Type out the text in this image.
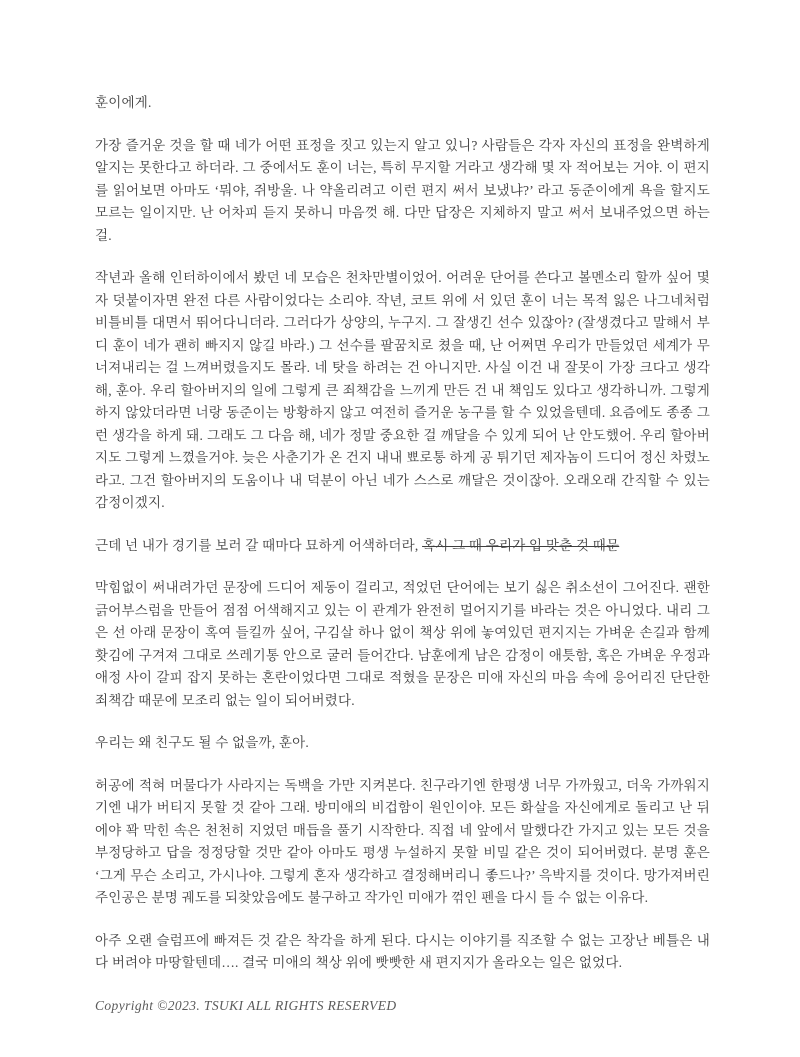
훈이에게.

가장 즐거운 것을 할 때 네가 어떤 표정을 짓고 있는지 알고 있니? 사람들은 각자 자신의 표정을 완벽하게 알지는 못한다고 하더라. 그 중에서도 훈이 너는, 특히 무지할 거라고 생각해 몇 자 적어보는 거야. 이 편지를 읽어보면 아마도 ‘뭐야, 쥐방울. 나 약올리려고 이런 편지 써서 보냈냐?’ 라고 동준이에게 욕을 할지도 모르는 일이지만. 난 어차피 듣지 못하니 마음껏 해. 다만 답장은 지체하지 말고 써서 보내주었으면 하는걸.

작년과 올해 인터하이에서 봤던 네 모습은 천차만별이었어. 어려운 단어를 쓴다고 볼멘소리 할까 싶어 몇 자 덧붙이자면 완전 다른 사람이었다는 소리야. 작년, 코트 위에 서 있던 훈이 너는 목적 잃은 나그네처럼 비틀비틀 대면서 뛰어다니더라. 그러다가 상양의, 누구지. 그 잘생긴 선수 있잖아? (잘생겼다고 말해서 부디 훈이 네가 괜히 빠지지 않길 바라.) 그 선수를 팔꿈치로 쳤을 때, 난 어쩌면 우리가 만들었던 세계가 무너져내리는 걸 느껴버렸을지도 몰라. 네 탓을 하려는 건 아니지만. 사실 이건 내 잘못이 가장 크다고 생각해, 훈아. 우리 할아버지의 일에 그렇게 큰 죄책감을 느끼게 만든 건 내 책임도 있다고 생각하니까. 그렇게 하지 않았더라면 너랑 동준이는 방황하지 않고 여전히 즐거운 농구를 할 수 있었을텐데. 요즘에도 종종 그런 생각을 하게 돼. 그래도 그 다음 해, 네가 정말 중요한 걸 깨달을 수 있게 되어 난 안도했어. 우리 할아버지도 그렇게 느꼈을거야. 늦은 사춘기가 온 건지 내내 뾰로통 하게 공 튀기던 제자놈이 드디어 정신 차렸노라고. 그건 할아버지의 도움이나 내 덕분이 아닌 네가 스스로 깨달은 것이잖아. 오래오래 간직할 수 있는 감정이겠지.

근데 넌 내가 경기를 보러 갈 때마다 묘하게 어색하더라, 혹시 그 때 우리가 입 맞춘 것 때문

막힘없이 써내려가던 문장에 드디어 제동이 걸리고, 적었던 단어에는 보기 싫은 취소선이 그어진다. 괜한 긁어부스럼을 만들어 점점 어색해지고 있는 이 관계가 완전히 멀어지기를 바라는 것은 아니었다. 내리 그은 선 아래 문장이 혹여 들킬까 싶어, 구김살 하나 없이 책상 위에 놓여있던 편지지는 가벼운 손길과 함께 홧김에 구겨져 그대로 쓰레기통 안으로 굴러 들어간다. 남훈에게 남은 감정이 애틋함, 혹은 가벼운 우정과 애정 사이 갈피 잡지 못하는 혼란이었다면 그대로 적혔을 문장은 미애 자신의 마음 속에 응어리진 단단한 죄책감 때문에 모조리 없는 일이 되어버렸다.

우리는 왜 친구도 될 수 없을까, 훈아.

허공에 적혀 머물다가 사라지는 독백을 가만 지켜본다. 친구라기엔 한평생 너무 가까웠고, 더욱 가까워지기엔 내가 버티지 못할 것 같아 그래. 방미애의 비겁함이 원인이야. 모든 화살을 자신에게로 돌리고 난 뒤에야 꽉 막힌 속은 천천히 지었던 매듭을 풀기 시작한다. 직접 네 앞에서 말했다간 가지고 있는 모든 것을 부정당하고 답을 정정당할 것만 같아 아마도 평생 누설하지 못할 비밀 같은 것이 되어버렸다. 분명 훈은 ‘그게 무슨 소리고, 가시나야. 그렇게 혼자 생각하고 결정해버리니 좋드나?’ 윽박지를 것이다. 망가져버린 주인공은 분명 궤도를 되찾았음에도 불구하고 작가인 미애가 꺾인 펜을 다시 들 수 없는 이유다.

아주 오랜 슬럼프에 빠져든 것 같은 착각을 하게 된다. 다시는 이야기를 직조할 수 없는 고장난 베틀은 내다 버려야 마땅할텐데…. 결국 미애의 책상 위에 빳빳한 새 편지지가 올라오는 일은 없었다.

Copyright ©2023. TSUKI ALL RIGHTS RESERVED
